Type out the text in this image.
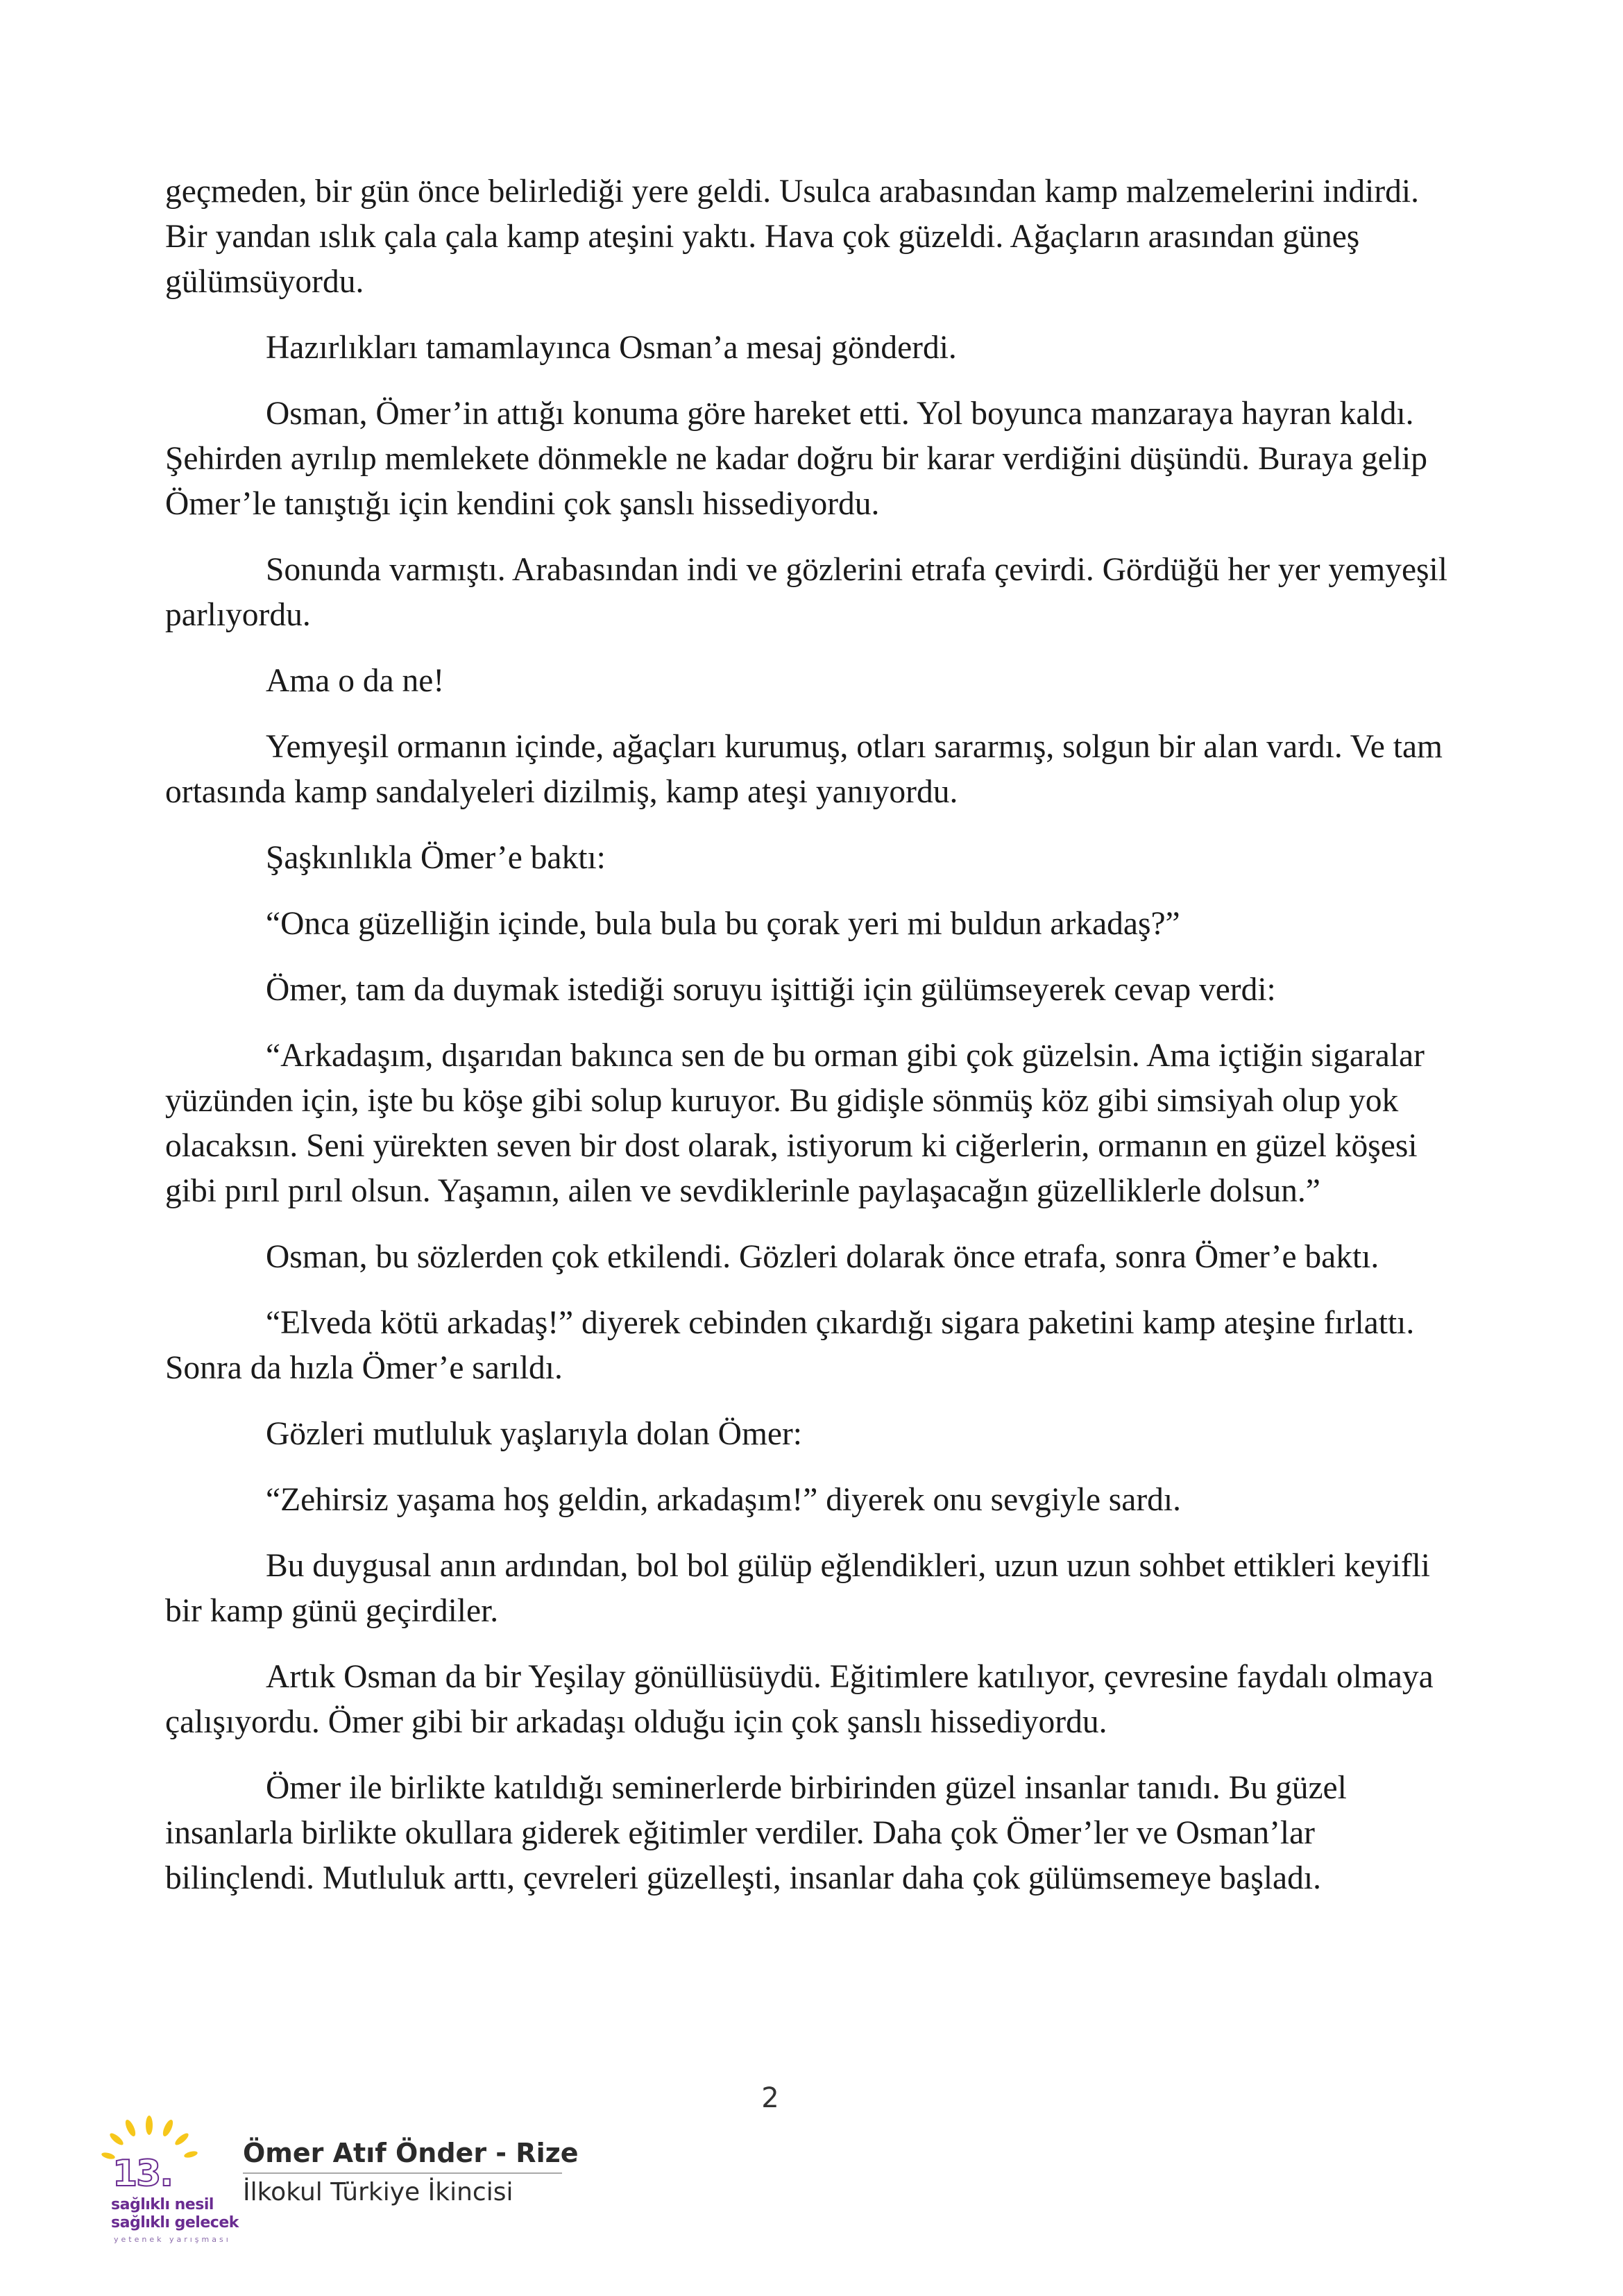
geçmeden, bir gün önce belirlediği yere geldi. Usulca arabasından kamp malzemelerini indirdi. Bir yandan ıslık çala çala kamp ateşini yaktı. Hava çok güzeldi. Ağaçların arasından güneş gülümsüyordu.

Hazırlıkları tamamlayınca Osman’a mesaj gönderdi.

Osman, Ömer’in attığı konuma göre hareket etti. Yol boyunca manzaraya hayran kaldı. Şehirden ayrılıp memlekete dönmekle ne kadar doğru bir karar verdiğini düşündü. Buraya gelip Ömer’le tanıştığı için kendini çok şanslı hissediyordu.

Sonunda varmıştı. Arabasından indi ve gözlerini etrafa çevirdi. Gördüğü her yer yemyeşil parlıyordu.

Ama o da ne!

Yemyeşil ormanın içinde, ağaçları kurumuş, otları sararmış, solgun bir alan vardı. Ve tam ortasında kamp sandalyeleri dizilmiş, kamp ateşi yanıyordu.

Şaşkınlıkla Ömer’e baktı:

“Onca güzelliğin içinde, bula bula bu çorak yeri mi buldun arkadaş?”

Ömer, tam da duymak istediği soruyu işittiği için gülümseyerek cevap verdi:

“Arkadaşım, dışarıdan bakınca sen de bu orman gibi çok güzelsin. Ama içtiğin sigaralar yüzünden için, işte bu köşe gibi solup kuruyor. Bu gidişle sönmüş köz gibi simsiyah olup yok olacaksın. Seni yürekten seven bir dost olarak, istiyorum ki ciğerlerin, ormanın en güzel köşesi gibi pırıl pırıl olsun. Yaşamın, ailen ve sevdiklerinle paylaşacağın güzelliklerle dolsun.”

Osman, bu sözlerden çok etkilendi. Gözleri dolarak önce etrafa, sonra Ömer’e baktı.

“Elveda kötü arkadaş!” diyerek cebinden çıkardığı sigara paketini kamp ateşine fırlattı. Sonra da hızla Ömer’e sarıldı.

Gözleri mutluluk yaşlarıyla dolan Ömer:

“Zehirsiz yaşama hoş geldin, arkadaşım!” diyerek onu sevgiyle sardı.

Bu duygusal anın ardından, bol bol gülüp eğlendikleri, uzun uzun sohbet ettikleri keyifli bir kamp günü geçirdiler.

Artık Osman da bir Yeşilay gönüllüsüydü. Eğitimlere katılıyor, çevresine faydalı olmaya çalışıyordu. Ömer gibi bir arkadaşı olduğu için çok şanslı hissediyordu.

Ömer ile birlikte katıldığı seminerlerde birbirinden güzel insanlar tanıdı. Bu güzel insanlarla birlikte okullara giderek eğitimler verdiler. Daha çok Ömer’ler ve Osman’lar bilinçlendi. Mutluluk arttı, çevreleri güzelleşti, insanlar daha çok gülümsemeye başladı.

2
13.
sağlıklı nesil
sağlıklı gelecek
yetenek yarışması
Ömer Atıf Önder - Rize
İlkokul Türkiye İkincisi
